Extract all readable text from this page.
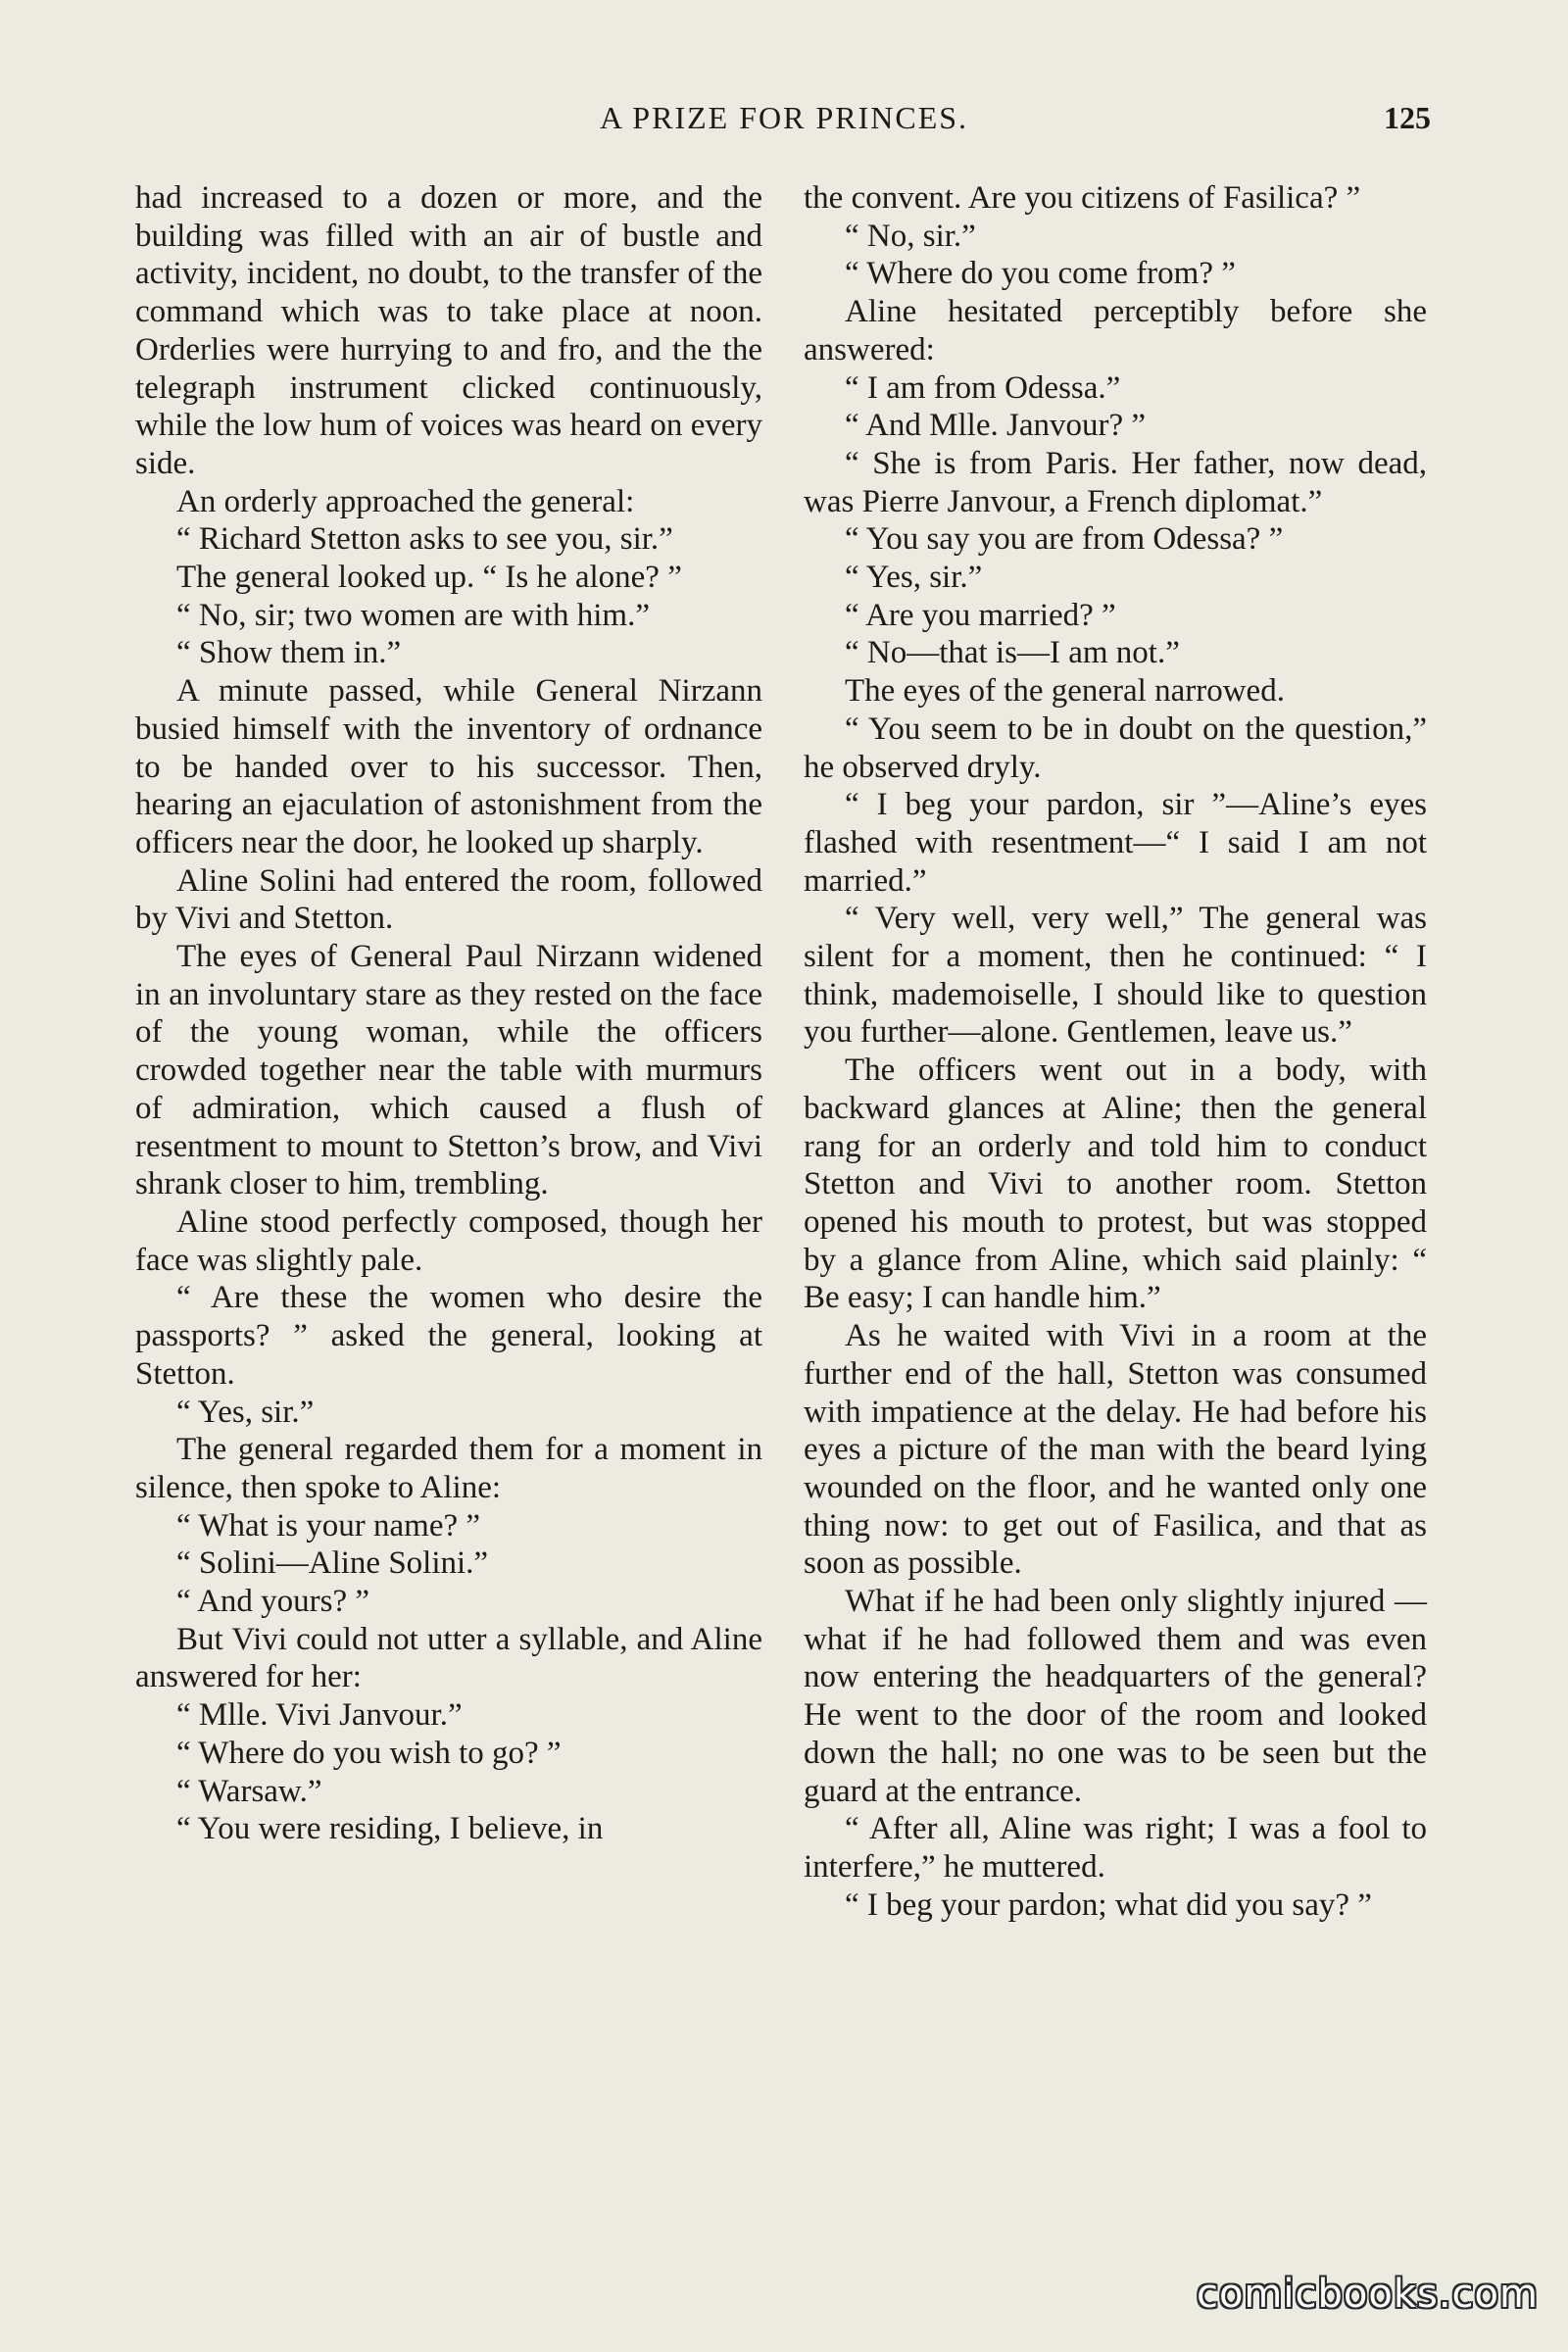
A PRIZE FOR PRINCES.	125

had increased to a dozen or more, and the building was filled with an air of bustle and activity, incident, no doubt, to the transfer of the command which was to take place at noon. Orderlies were hurrying to and fro, and the the telegraph instrument clicked continuously, while the low hum of voices was heard on every side.

An orderly approached the general:

“ Richard Stetton asks to see you, sir.”

The general looked up. “ Is he alone? ”

“ No, sir; two women are with him.”

“ Show them in.”

A minute passed, while General Nirzann busied himself with the inventory of ordnance to be handed over to his successor. Then, hearing an ejaculation of astonishment from the officers near the door, he looked up sharply.

Aline Solini had entered the room, followed by Vivi and Stetton.

The eyes of General Paul Nirzann widened in an involuntary stare as they rested on the face of the young woman, while the officers crowded together near the table with murmurs of admiration, which caused a flush of resentment to mount to Stetton’s brow, and Vivi shrank closer to him, trembling.

Aline stood perfectly composed, though her face was slightly pale.

“ Are these the women who desire the passports? ” asked the general, looking at Stetton.

“ Yes, sir.”

The general regarded them for a moment in silence, then spoke to Aline:

“ What is your name? ”

“ Solini—Aline Solini.”

“ And yours? ”

But Vivi could not utter a syllable, and Aline answered for her:

“ Mlle. Vivi Janvour.”

“ Where do you wish to go? ”

“ Warsaw.”

“ You were residing, I believe, in

the convent. Are you citizens of Fasilica? ”

“ No, sir.”

“ Where do you come from? ”

Aline hesitated perceptibly before she answered:

“ I am from Odessa.”

“ And Mlle. Janvour? ”

“ She is from Paris. Her father, now dead, was Pierre Janvour, a French diplomat.”

“ You say you are from Odessa? ”

“ Yes, sir.”

“ Are you married? ”

“ No—that is—I am not.”

The eyes of the general narrowed.

“ You seem to be in doubt on the question,” he observed dryly.

“ I beg your pardon, sir ”—Aline’s eyes flashed with resentment—“ I said I am not married.”

“ Very well, very well,” The general was silent for a moment, then he continued: “ I think, mademoiselle, I should like to question you further—alone. Gentlemen, leave us.”

The officers went out in a body, with backward glances at Aline; then the general rang for an orderly and told him to conduct Stetton and Vivi to another room. Stetton opened his mouth to protest, but was stopped by a glance from Aline, which said plainly: “ Be easy; I can handle him.”

As he waited with Vivi in a room at the further end of the hall, Stetton was consumed with impatience at the delay. He had before his eyes a picture of the man with the beard lying wounded on the floor, and he wanted only one thing now: to get out of Fasilica, and that as soon as possible.

What if he had been only slightly injured — what if he had followed them and was even now entering the headquarters of the general? He went to the door of the room and looked down the hall; no one was to be seen but the guard at the entrance.

“ After all, Aline was right; I was a fool to interfere,” he muttered.

“ I beg your pardon; what did you say? ”

comicbooks.com
